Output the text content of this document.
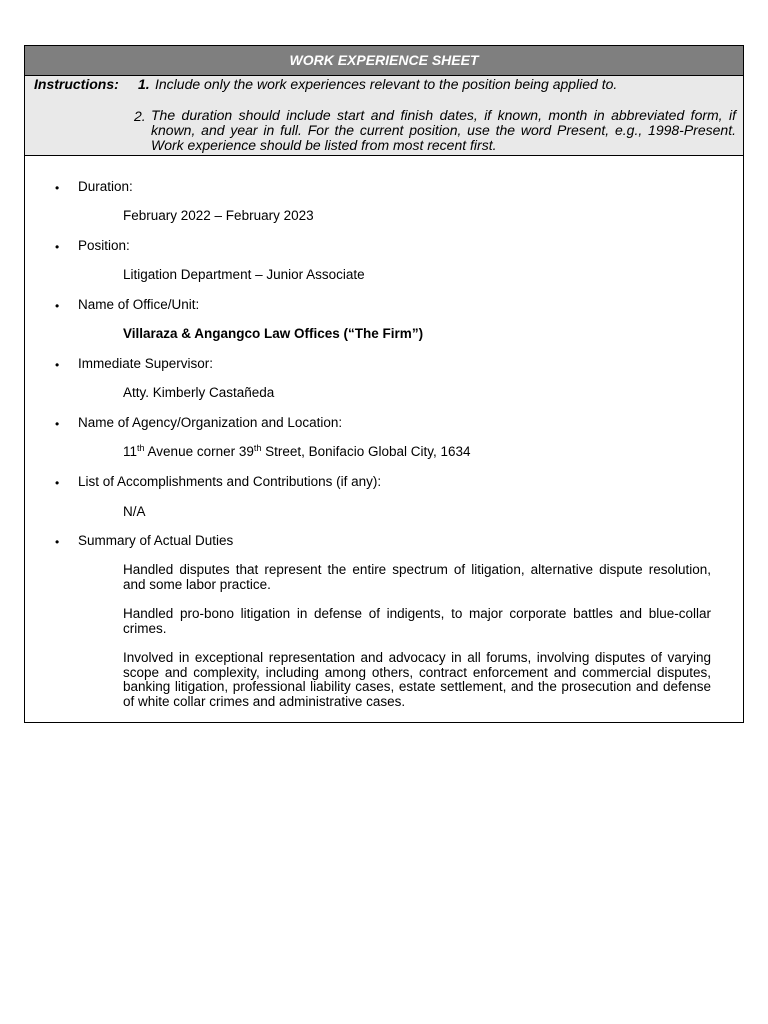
WORK EXPERIENCE SHEET
Instructions: 1. Include only the work experiences relevant to the position being applied to.
2. The duration should include start and finish dates, if known, month in abbreviated form, if known, and year in full. For the current position, use the word Present, e.g., 1998-Present. Work experience should be listed from most recent first.
• Duration:
February 2022 – February 2023
• Position:
Litigation Department – Junior Associate
• Name of Office/Unit:
Villaraza & Angangco Law Offices (“The Firm”)
• Immediate Supervisor:
Atty. Kimberly Castañeda
• Name of Agency/Organization and Location:
11th Avenue corner 39th Street, Bonifacio Global City, 1634
• List of Accomplishments and Contributions (if any):
N/A
• Summary of Actual Duties
Handled disputes that represent the entire spectrum of litigation, alternative dispute resolution, and some labor practice.
Handled pro-bono litigation in defense of indigents, to major corporate battles and blue-collar crimes.
Involved in exceptional representation and advocacy in all forums, involving disputes of varying scope and complexity, including among others, contract enforcement and commercial disputes, banking litigation, professional liability cases, estate settlement, and the prosecution and defense of white collar crimes and administrative cases.
